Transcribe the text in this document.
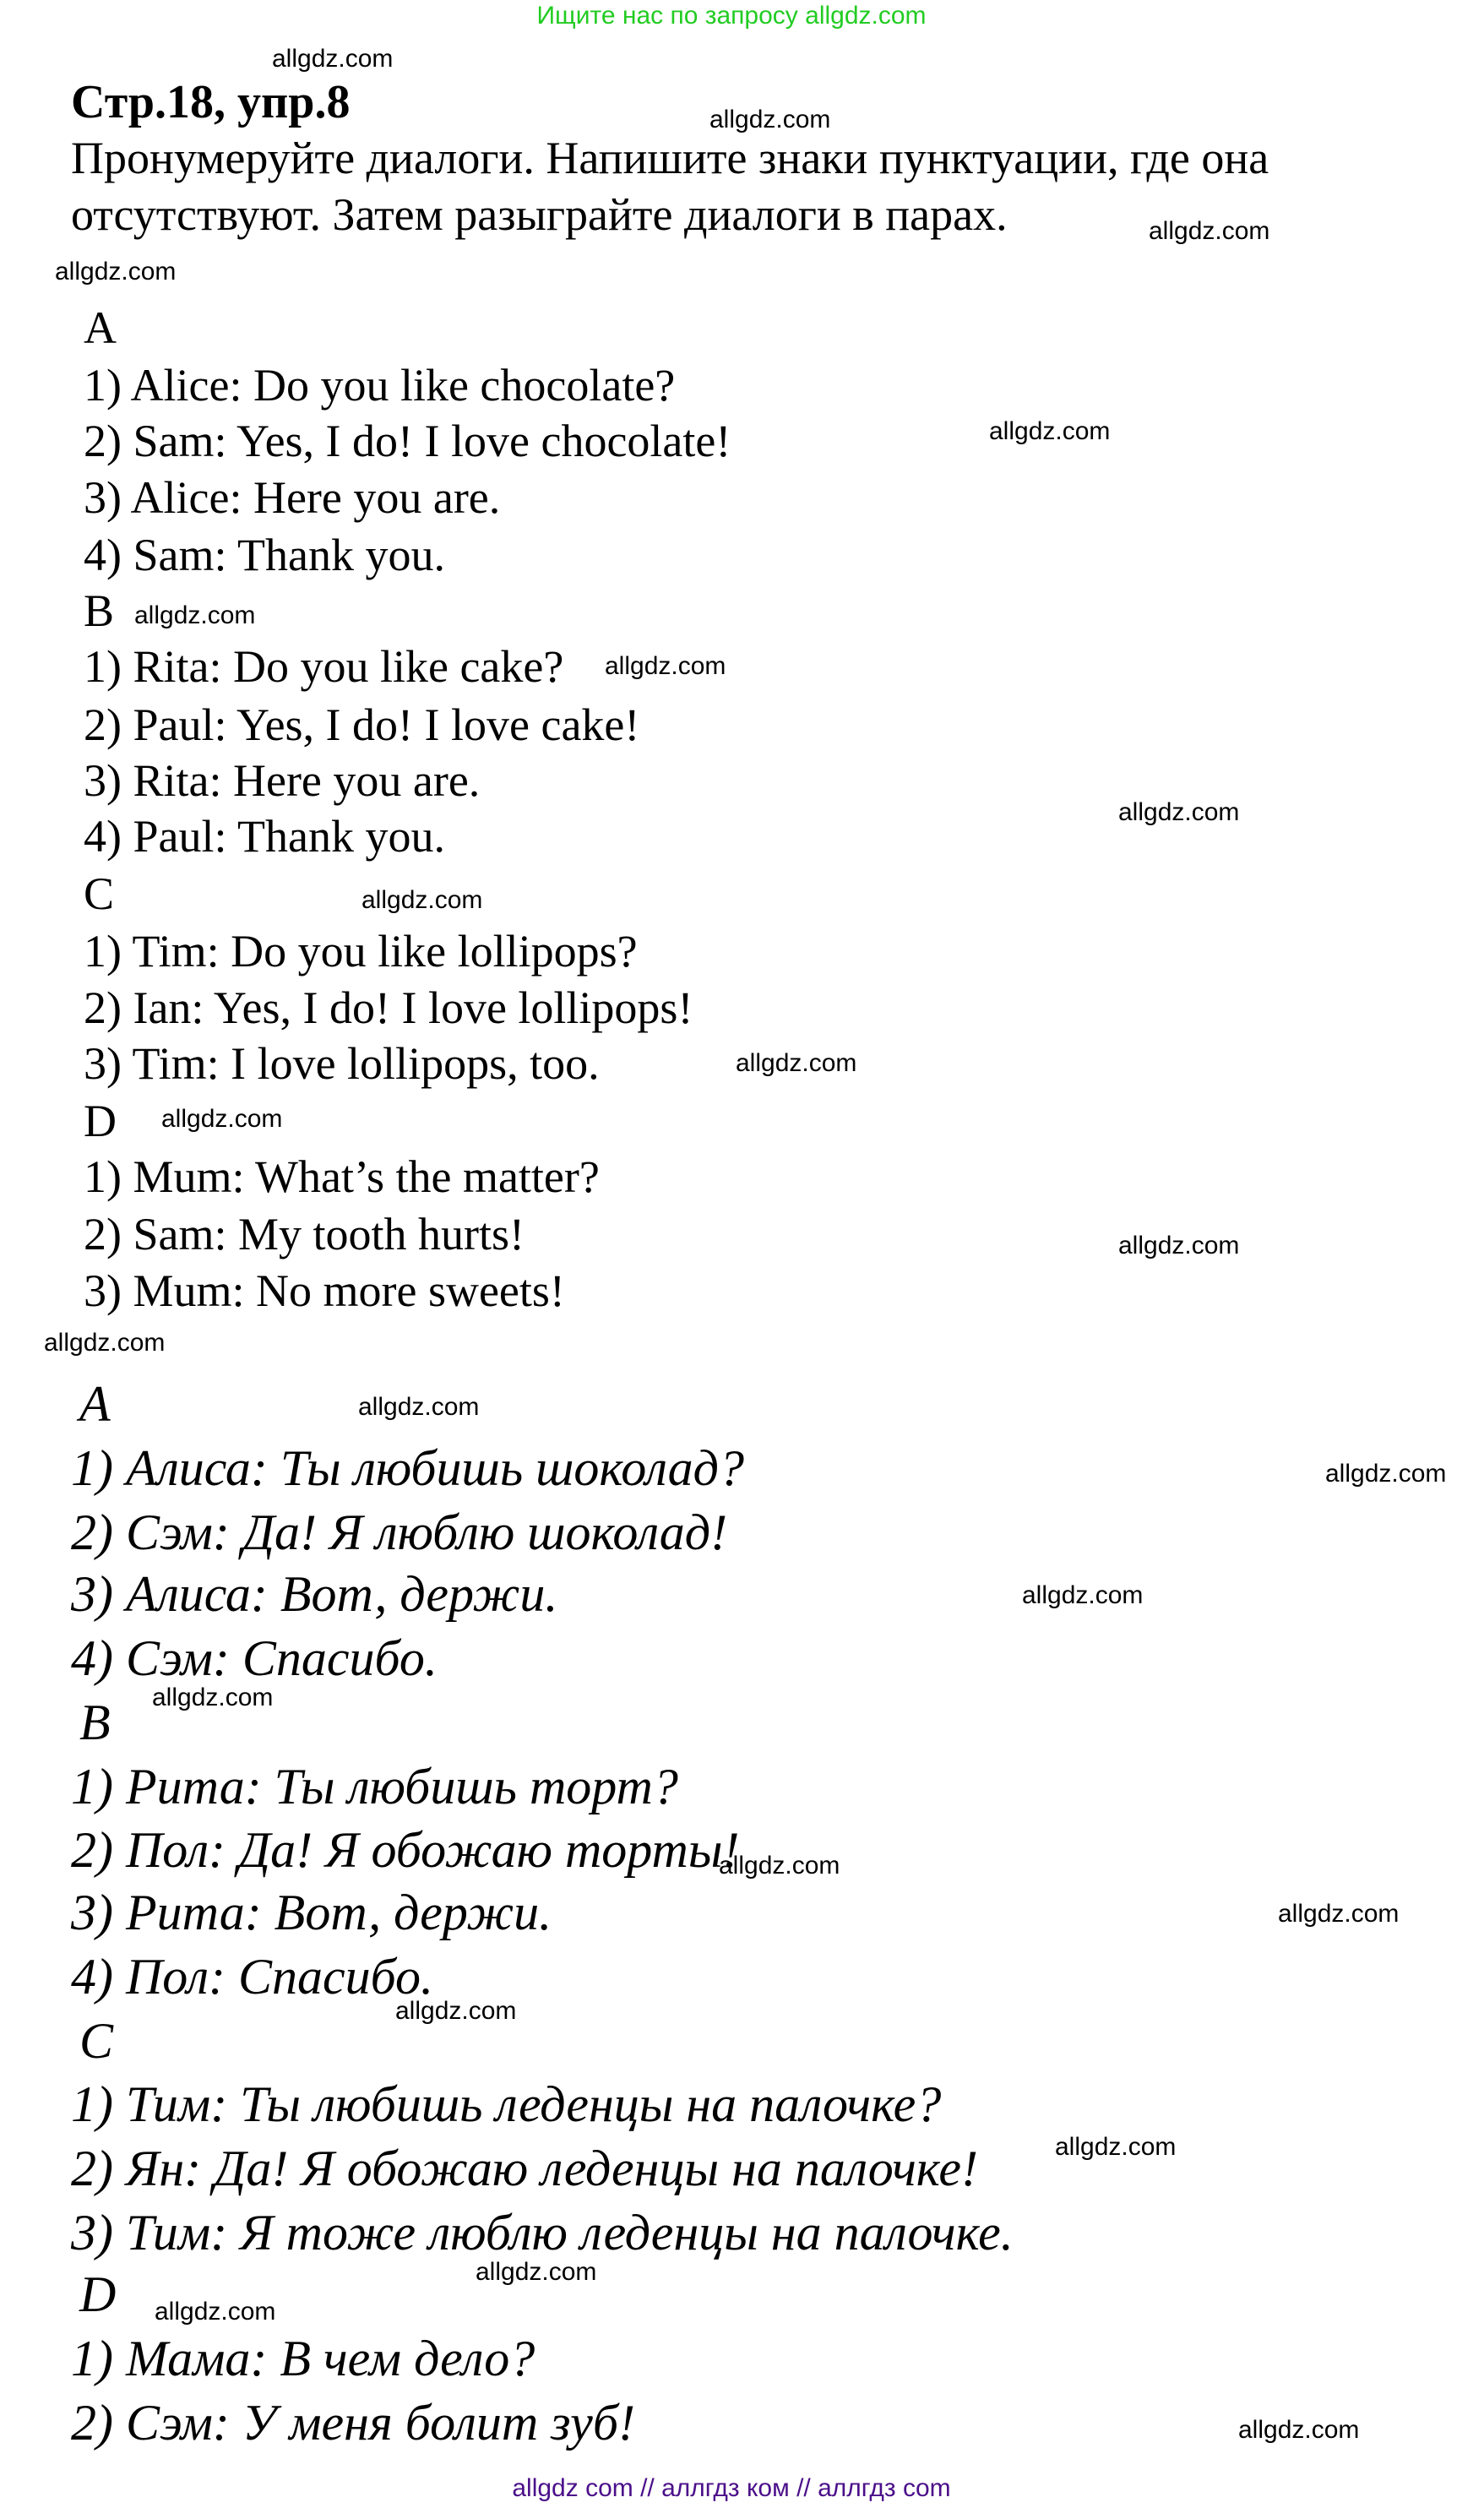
Ищите нас по запросу allgdz.com
Стр.18, упр.8
Пронумеруйте диалоги. Напишите знаки пунктуации, где она
отсутствуют. Затем разыграйте диалоги в парах.
allgdz com // аллгдз ком // аллгдз com
A
1) Alice: Do you like chocolate?
2) Sam: Yes, I do! I love chocolate!
3) Alice: Here you are.
4) Sam: Thank you.
B
1) Rita: Do you like cake?
2) Paul: Yes, I do! I love cake!
3) Rita: Here you are.
4) Paul: Thank you.
C
1) Tim: Do you like lollipops?
2) Ian: Yes, I do! I love lollipops!
3) Tim: I love lollipops, too.
D
1) Mum: What’s the matter?
2) Sam: My tooth hurts!
3) Mum: No more sweets!
A
1) Алиса: Ты любишь шоколад?
2) Сэм: Да! Я люблю шоколад!
3) Алиса: Вот, держи.
4) Сэм: Спасибо.
B
1) Рита: Ты любишь торт?
2) Пол: Да! Я обожаю торты!
3) Рита: Вот, держи.
4) Пол: Спасибо.
C
1) Тим: Ты любишь леденцы на палочке?
2) Ян: Да! Я обожаю леденцы на палочке!
3) Тим: Я тоже люблю леденцы на палочке.
D
1) Мама: В чем дело?
2) Сэм: У меня болит зуб!
allgdz.com
allgdz.com
allgdz.com
allgdz.com
allgdz.com
allgdz.com
allgdz.com
allgdz.com
allgdz.com
allgdz.com
allgdz.com
allgdz.com
allgdz.com
allgdz.com
allgdz.com
allgdz.com
allgdz.com
allgdz.com
allgdz.com
allgdz.com
allgdz.com
allgdz.com
allgdz.com
allgdz.com
